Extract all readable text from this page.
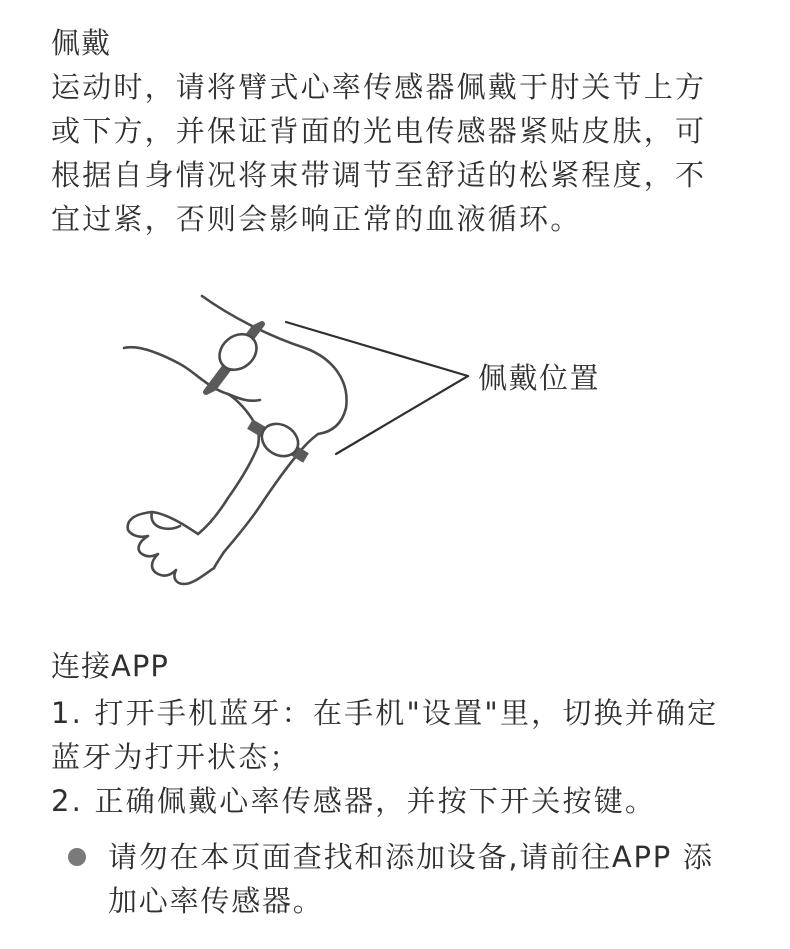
佩戴
运动时，请将臂式心率传感器佩戴于肘关节上方
或下方，并保证背面的光电传感器紧贴皮肤，可
根据自身情况将束带调节至舒适的松紧程度，不
宜过紧，否则会影响正常的血液循环。
佩戴位置
连接APP
1. 打开手机蓝牙：在手机"设置"里，切换并确定
蓝牙为打开状态；
2. 正确佩戴心率传感器，并按下开关按键。
请勿在本页面查找和添加设备,请前往APP 添
加心率传感器。
